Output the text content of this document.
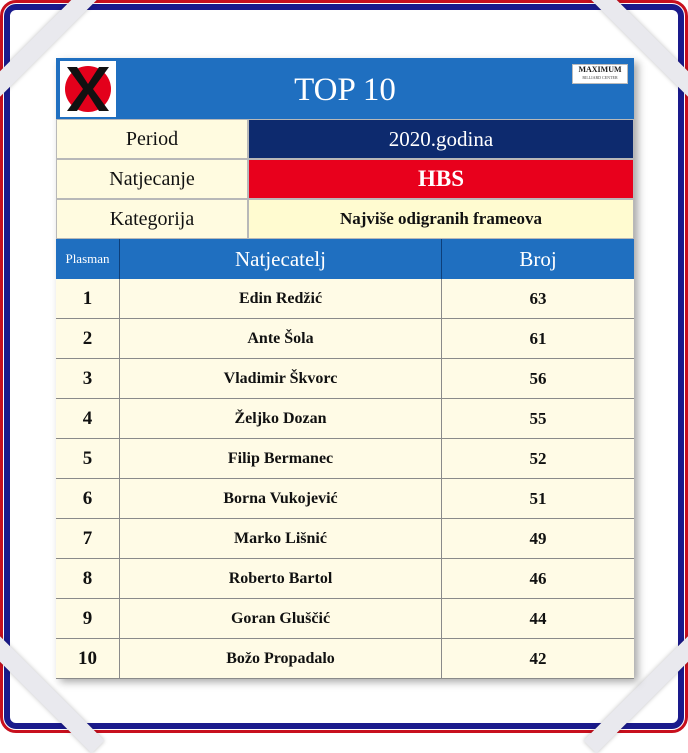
TOP 10
MAXIMUM
BILLIARD CENTER
Period	2020.godina
Natjecanje	HBS
Kategorija	Najviše odigranih frameova
Plasman	Natjecatelj	Broj
1	Edin Redžić	63
2	Ante Šola	61
3	Vladimir Škvorc	56
4	Željko Dozan	55
5	Filip Bermanec	52
6	Borna Vukojević	51
7	Marko Lišnić	49
8	Roberto Bartol	46
9	Goran Gluščić	44
10	Božo Propadalo	42
